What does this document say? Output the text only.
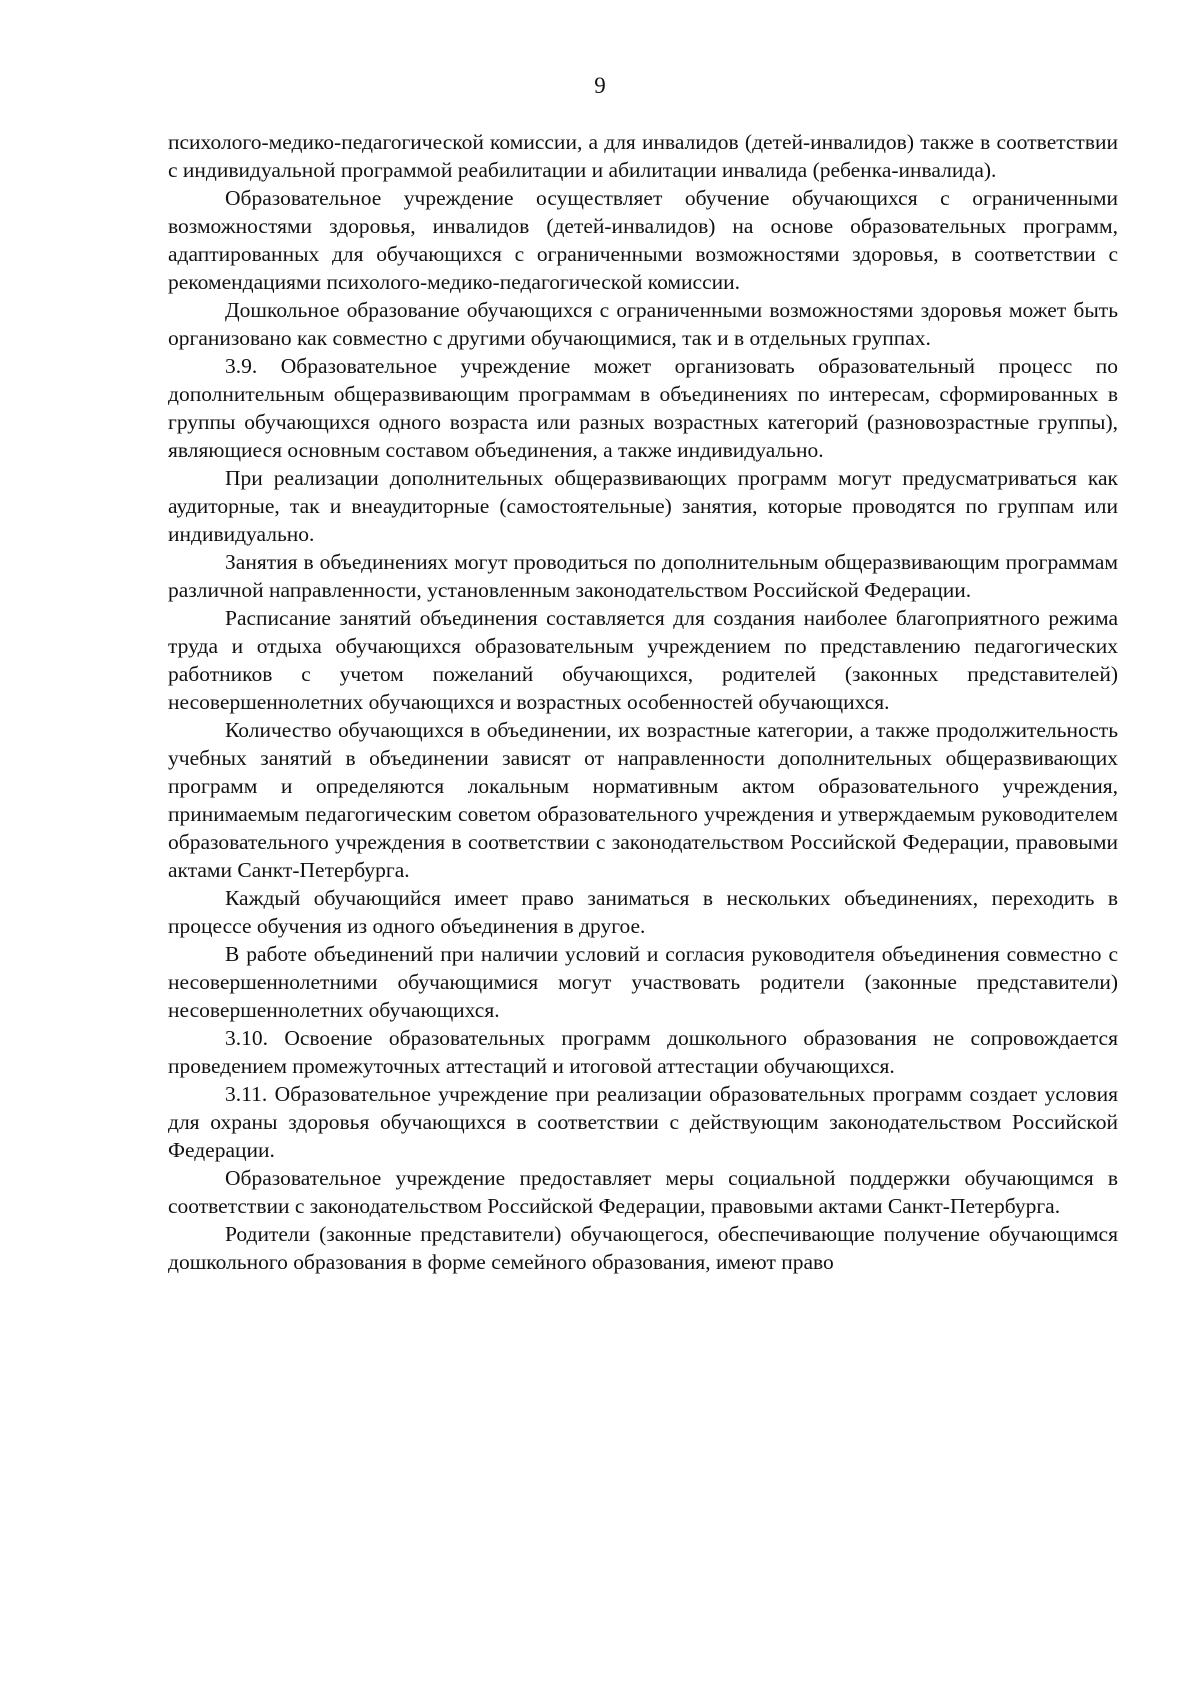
9

психолого-медико-педагогической комиссии, а для инвалидов (детей-инвалидов) также в соответствии с индивидуальной программой реабилитации и абилитации инвалида (ребенка-инвалида).

Образовательное учреждение осуществляет обучение обучающихся с ограниченными возможностями здоровья, инвалидов (детей-инвалидов) на основе образовательных программ, адаптированных для обучающихся с ограниченными возможностями здоровья, в соответствии с рекомендациями психолого-медико-педагогической комиссии.

Дошкольное образование обучающихся с ограниченными возможностями здоровья может быть организовано как совместно с другими обучающимися, так и в отдельных группах.

3.9. Образовательное учреждение может организовать образовательный процесс по дополнительным общеразвивающим программам в объединениях по интересам, сформированных в группы обучающихся одного возраста или разных возрастных категорий (разновозрастные группы), являющиеся основным составом объединения, а также индивидуально.

При реализации дополнительных общеразвивающих программ могут предусматриваться как аудиторные, так и внеаудиторные (самостоятельные) занятия, которые проводятся по группам или индивидуально.

Занятия в объединениях могут проводиться по дополнительным общеразвивающим программам различной направленности, установленным законодательством Российской Федерации.

Расписание занятий объединения составляется для создания наиболее благоприятного режима труда и отдыха обучающихся образовательным учреждением по представлению педагогических работников с учетом пожеланий обучающихся, родителей (законных представителей) несовершеннолетних обучающихся и возрастных особенностей обучающихся.

Количество обучающихся в объединении, их возрастные категории, а также продолжительность учебных занятий в объединении зависят от направленности дополнительных общеразвивающих программ и определяются локальным нормативным актом образовательного учреждения, принимаемым педагогическим советом образовательного учреждения и утверждаемым руководителем образовательного учреждения в соответствии с законодательством Российской Федерации, правовыми актами Санкт-Петербурга.

Каждый обучающийся имеет право заниматься в нескольких объединениях, переходить в процессе обучения из одного объединения в другое.

В работе объединений при наличии условий и согласия руководителя объединения совместно с несовершеннолетними обучающимися могут участвовать родители (законные представители) несовершеннолетних обучающихся.

3.10. Освоение образовательных программ дошкольного образования не сопровождается проведением промежуточных аттестаций и итоговой аттестации обучающихся.

3.11. Образовательное учреждение при реализации образовательных программ создает условия для охраны здоровья обучающихся в соответствии с действующим законодательством Российской Федерации.

Образовательное учреждение предоставляет меры социальной поддержки обучающимся в соответствии с законодательством Российской Федерации, правовыми актами Санкт-Петербурга.

Родители (законные представители) обучающегося, обеспечивающие получение обучающимся дошкольного образования в форме семейного образования, имеют право
